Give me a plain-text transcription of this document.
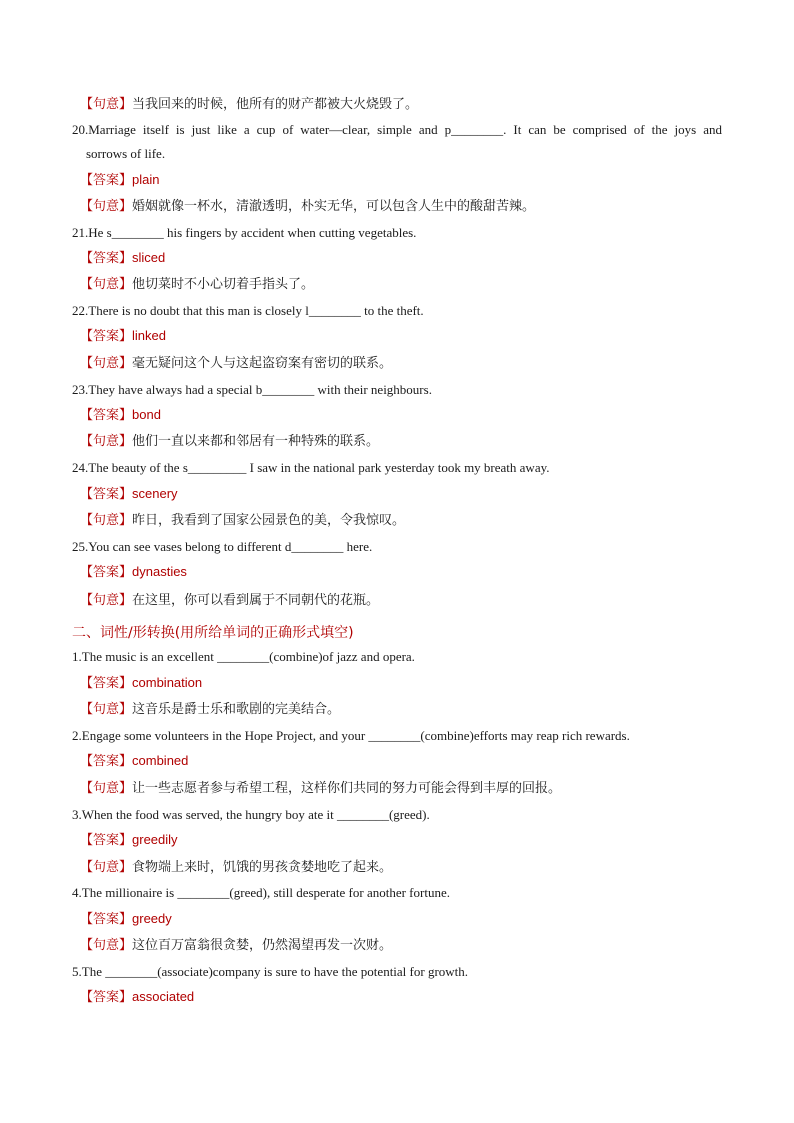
【句意】当我回来的时候，他所有的财产都被大火烧毁了。
20.Marriage itself is just like a cup of water—clear, simple and p________. It can be comprised of the joys and
sorrows of life.
【答案】plain
【句意】婚姻就像一杯水，清澈透明，朴实无华，可以包含人生中的酸甜苦辣。
21.He s________ his fingers by accident when cutting vegetables.
【答案】sliced
【句意】他切菜时不小心切着手指头了。
22.There is no doubt that this man is closely l________ to the theft.
【答案】linked
【句意】毫无疑问这个人与这起盗窃案有密切的联系。
23.They have always had a special b________ with their neighbours.
【答案】bond
【句意】他们一直以来都和邻居有一种特殊的联系。
24.The beauty of the s_________ I saw in the national park yesterday took my breath away.
【答案】scenery
【句意】昨日，我看到了国家公园景色的美，令我惊叹。
25.You can see vases belong to different d________ here.
【答案】dynasties
【句意】在这里，你可以看到属于不同朝代的花瓶。
二、词性/形转换(用所给单词的正确形式填空)
1.The music is an excellent ________(combine)of jazz and opera.
【答案】combination
【句意】这音乐是爵士乐和歌剧的完美结合。
2.Engage some volunteers in the Hope Project, and your ________(combine)efforts may reap rich rewards.
【答案】combined
【句意】让一些志愿者参与希望工程，这样你们共同的努力可能会得到丰厚的回报。
3.When the food was served, the hungry boy ate it ________(greed).
【答案】greedily
【句意】食物端上来时，饥饿的男孩贪婪地吃了起来。
4.The millionaire is ________(greed), still desperate for another fortune.
【答案】greedy
【句意】这位百万富翁很贪婪，仍然渴望再发一次财。
5.The ________(associate)company is sure to have the potential for growth.
【答案】associated
